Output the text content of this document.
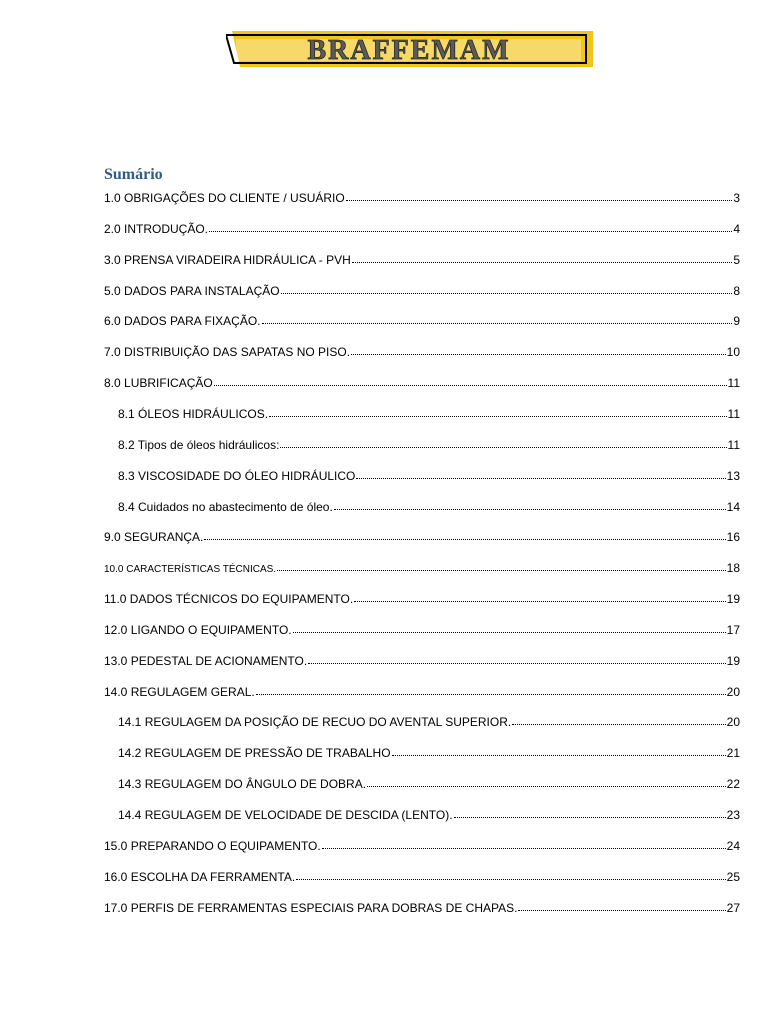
BRAFFEMAM
Sumário
1.0 OBRIGAÇÕES DO CLIENTE / USUÁRIO	3
2.0 INTRODUÇÃO.	4
3.0 PRENSA VIRADEIRA HIDRÁULICA - PVH	5
5.0 DADOS PARA INSTALAÇÃO	8
6.0 DADOS PARA FIXAÇÃO.	9
7.0 DISTRIBUIÇÃO DAS SAPATAS NO PISO.	10
8.0 LUBRIFICAÇÃO	11
8.1 ÓLEOS HIDRÁULICOS.	11
8.2 Tipos de óleos hidráulicos:	11
8.3 VISCOSIDADE DO ÓLEO HIDRÁULICO	13
8.4 Cuidados no abastecimento de óleo.	14
9.0 SEGURANÇA.	16
10.0 CARACTERÍSTICAS TÉCNICAS.	18
11.0 DADOS TÉCNICOS DO EQUIPAMENTO.	19
12.0 LIGANDO O EQUIPAMENTO.	17
13.0 PEDESTAL DE ACIONAMENTO.	19
14.0 REGULAGEM GERAL.	20
14.1 REGULAGEM DA POSIÇÃO DE RECUO DO AVENTAL SUPERIOR.	20
14.2 REGULAGEM DE PRESSÃO DE TRABALHO	21
14.3 REGULAGEM DO ÂNGULO DE DOBRA.	22
14.4 REGULAGEM DE VELOCIDADE DE DESCIDA (LENTO).	23
15.0 PREPARANDO O EQUIPAMENTO.	24
16.0 ESCOLHA DA FERRAMENTA.	25
17.0 PERFIS DE FERRAMENTAS ESPECIAIS PARA DOBRAS DE CHAPAS.	27
